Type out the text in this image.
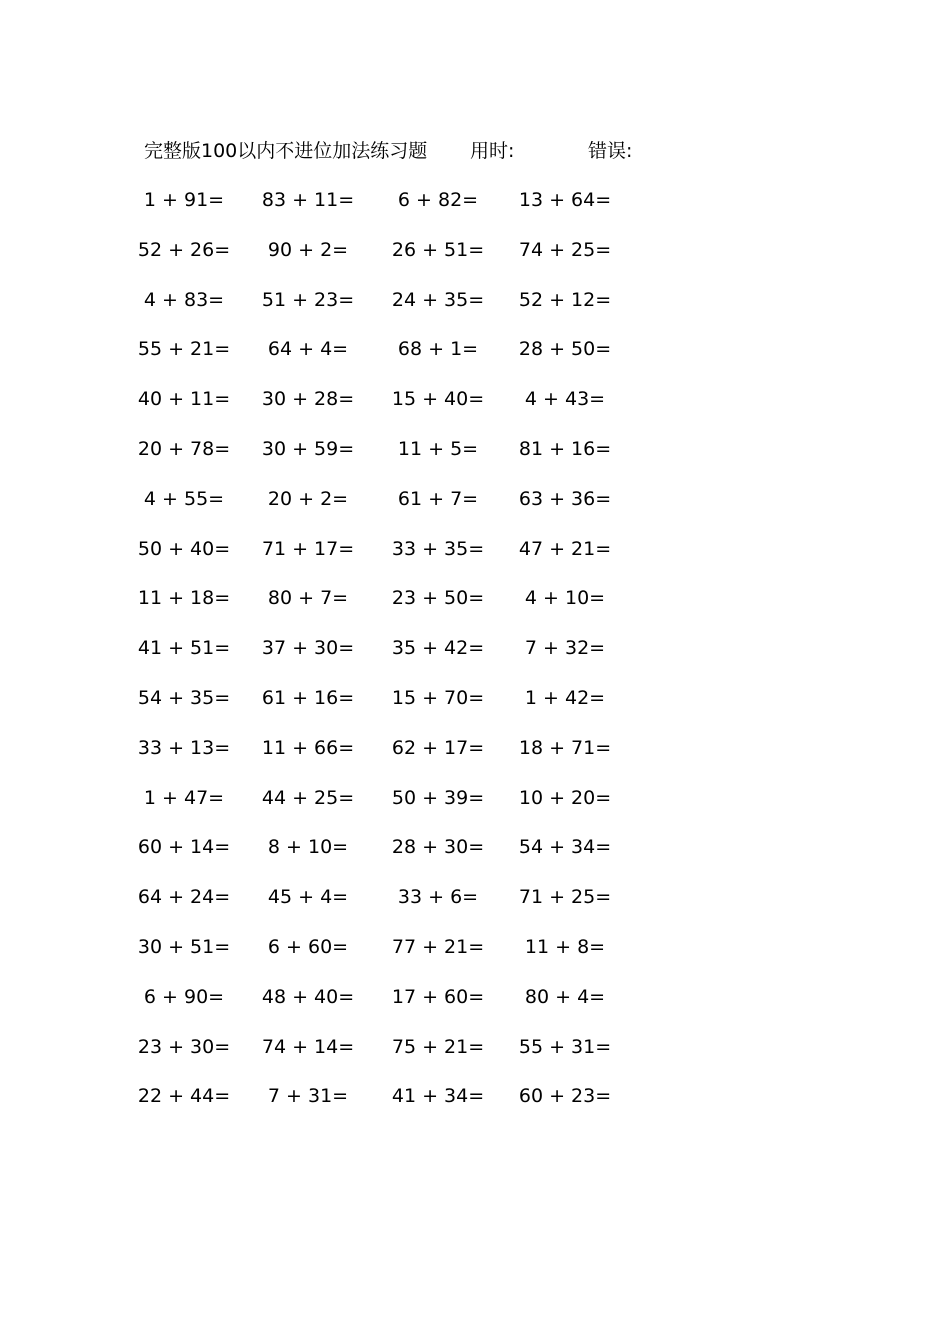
完整版100以内不进位加法练习题 用时:	错误:
1 + 91=	83 + 11=	6 + 82=	13 + 64=
52 + 26=	90 + 2=	26 + 51=	74 + 25=
4 + 83=	51 + 23=	24 + 35=	52 + 12=
55 + 21=	64 + 4=	68 + 1=	28 + 50=
40 + 11=	30 + 28=	15 + 40=	4 + 43=
20 + 78=	30 + 59=	11 + 5=	81 + 16=
4 + 55=	20 + 2=	61 + 7=	63 + 36=
50 + 40=	71 + 17=	33 + 35=	47 + 21=
11 + 18=	80 + 7=	23 + 50=	4 + 10=
41 + 51=	37 + 30=	35 + 42=	7 + 32=
54 + 35=	61 + 16=	15 + 70=	1 + 42=
33 + 13=	11 + 66=	62 + 17=	18 + 71=
1 + 47=	44 + 25=	50 + 39=	10 + 20=
60 + 14=	8 + 10=	28 + 30=	54 + 34=
64 + 24=	45 + 4=	33 + 6=	71 + 25=
30 + 51=	6 + 60=	77 + 21=	11 + 8=
6 + 90=	48 + 40=	17 + 60=	80 + 4=
23 + 30=	74 + 14=	75 + 21=	55 + 31=
22 + 44=	7 + 31=	41 + 34=	60 + 23=
